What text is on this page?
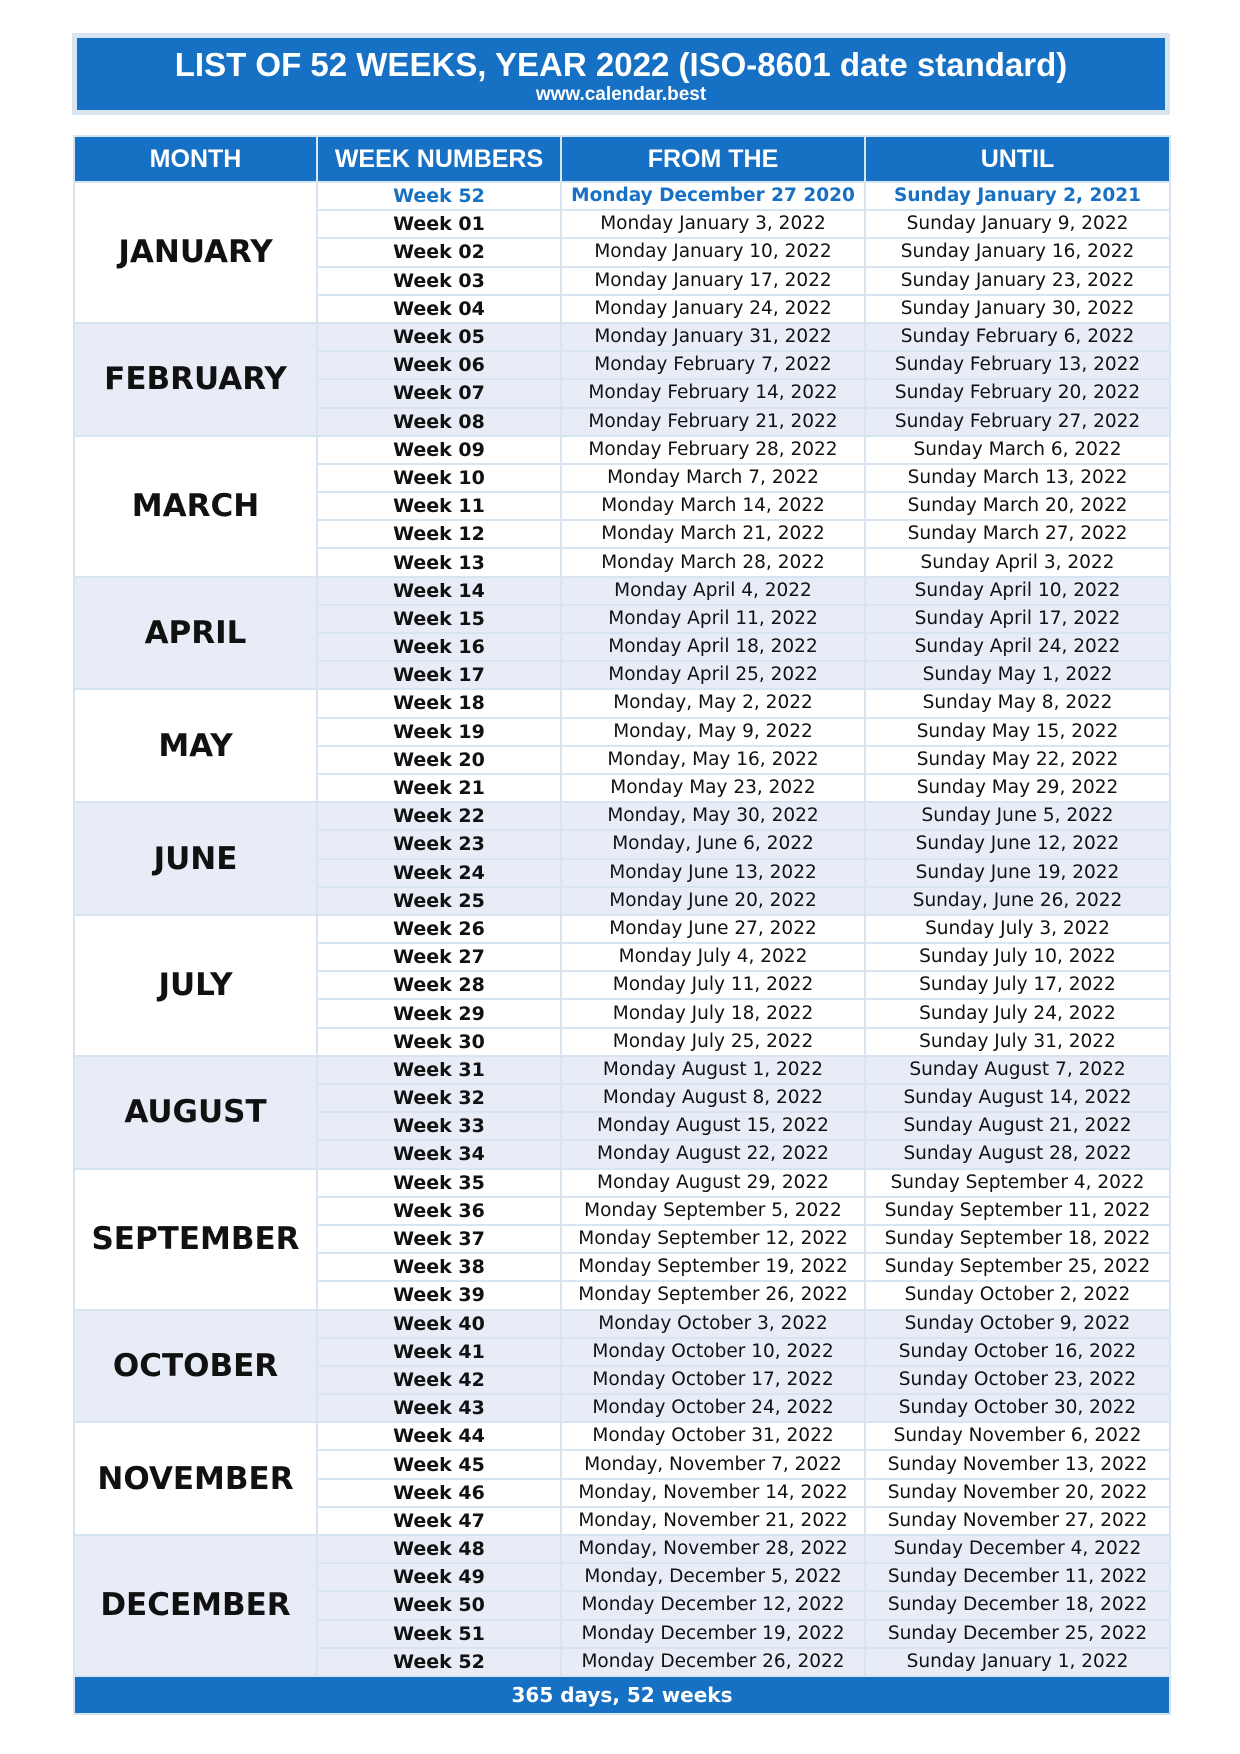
LIST OF 52 WEEKS, YEAR 2022 (ISO-8601 date standard)
www.calendar.best
MONTH	WEEK NUMBERS	FROM THE	UNTIL
JANUARY	Week 52	Monday December 27 2020	Sunday January 2, 2021
	Week 01	Monday January 3, 2022	Sunday January 9, 2022
	Week 02	Monday January 10, 2022	Sunday January 16, 2022
	Week 03	Monday January 17, 2022	Sunday January 23, 2022
	Week 04	Monday January 24, 2022	Sunday January 30, 2022
FEBRUARY	Week 05	Monday January 31, 2022	Sunday February 6, 2022
	Week 06	Monday February 7, 2022	Sunday February 13, 2022
	Week 07	Monday February 14, 2022	Sunday February 20, 2022
	Week 08	Monday February 21, 2022	Sunday February 27, 2022
MARCH	Week 09	Monday February 28, 2022	Sunday March 6, 2022
	Week 10	Monday March 7, 2022	Sunday March 13, 2022
	Week 11	Monday March 14, 2022	Sunday March 20, 2022
	Week 12	Monday March 21, 2022	Sunday March 27, 2022
	Week 13	Monday March 28, 2022	Sunday April 3, 2022
APRIL	Week 14	Monday April 4, 2022	Sunday April 10, 2022
	Week 15	Monday April 11, 2022	Sunday April 17, 2022
	Week 16	Monday April 18, 2022	Sunday April 24, 2022
	Week 17	Monday April 25, 2022	Sunday May 1, 2022
MAY	Week 18	Monday, May 2, 2022	Sunday May 8, 2022
	Week 19	Monday, May 9, 2022	Sunday May 15, 2022
	Week 20	Monday, May 16, 2022	Sunday May 22, 2022
	Week 21	Monday May 23, 2022	Sunday May 29, 2022
JUNE	Week 22	Monday, May 30, 2022	Sunday June 5, 2022
	Week 23	Monday, June 6, 2022	Sunday June 12, 2022
	Week 24	Monday June 13, 2022	Sunday June 19, 2022
	Week 25	Monday June 20, 2022	Sunday, June 26, 2022
JULY	Week 26	Monday June 27, 2022	Sunday July 3, 2022
	Week 27	Monday July 4, 2022	Sunday July 10, 2022
	Week 28	Monday July 11, 2022	Sunday July 17, 2022
	Week 29	Monday July 18, 2022	Sunday July 24, 2022
	Week 30	Monday July 25, 2022	Sunday July 31, 2022
AUGUST	Week 31	Monday August 1, 2022	Sunday August 7, 2022
	Week 32	Monday August 8, 2022	Sunday August 14, 2022
	Week 33	Monday August 15, 2022	Sunday August 21, 2022
	Week 34	Monday August 22, 2022	Sunday August 28, 2022
SEPTEMBER	Week 35	Monday August 29, 2022	Sunday September 4, 2022
	Week 36	Monday September 5, 2022	Sunday September 11, 2022
	Week 37	Monday September 12, 2022	Sunday September 18, 2022
	Week 38	Monday September 19, 2022	Sunday September 25, 2022
	Week 39	Monday September 26, 2022	Sunday October 2, 2022
OCTOBER	Week 40	Monday October 3, 2022	Sunday October 9, 2022
	Week 41	Monday October 10, 2022	Sunday October 16, 2022
	Week 42	Monday October 17, 2022	Sunday October 23, 2022
	Week 43	Monday October 24, 2022	Sunday October 30, 2022
NOVEMBER	Week 44	Monday October 31, 2022	Sunday November 6, 2022
	Week 45	Monday, November 7, 2022	Sunday November 13, 2022
	Week 46	Monday, November 14, 2022	Sunday November 20, 2022
	Week 47	Monday, November 21, 2022	Sunday November 27, 2022
DECEMBER	Week 48	Monday, November 28, 2022	Sunday December 4, 2022
	Week 49	Monday, December 5, 2022	Sunday December 11, 2022
	Week 50	Monday December 12, 2022	Sunday December 18, 2022
	Week 51	Monday December 19, 2022	Sunday December 25, 2022
	Week 52	Monday December 26, 2022	Sunday January 1, 2022
365 days, 52 weeks			
